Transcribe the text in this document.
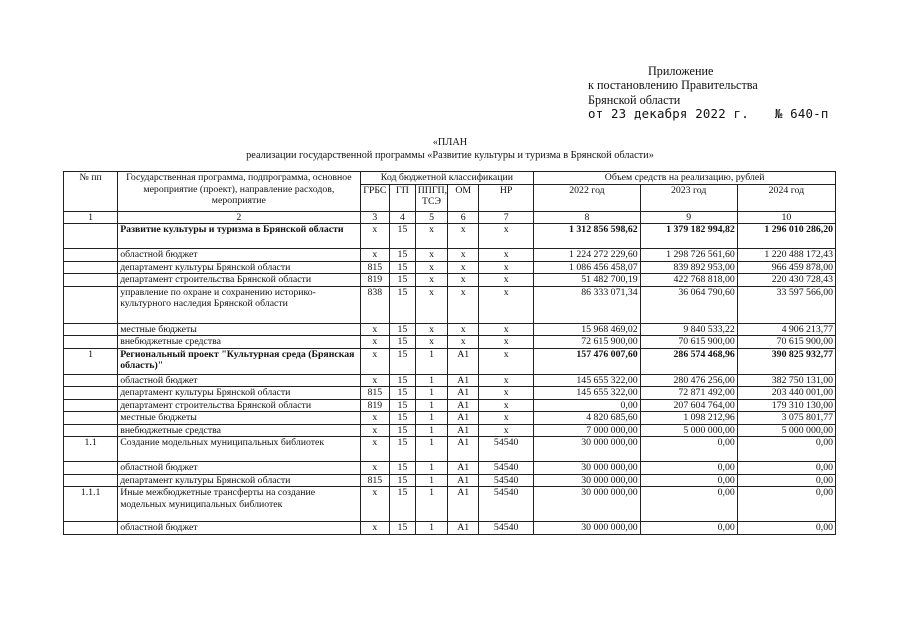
Приложение
к постановлению Правительства
Брянской области
от 23 декабря 2022 г. № 640-п
«ПЛАН
реализации государственной программы «Развитие культуры и туризма в Брянской области»
№ пп	Государственная программа, подпрограмма, основное мероприятие (проект), направление расходов, мероприятие	Код бюджетной классификации					Объем средств на реализацию, рублей		
		ГРБС	ГП	ППГП, ТСЭ	ОМ	НР	2022 год	2023 год	2024 год
1	2	3	4	5	6	7	8	9	10
	Развитие культуры и туризма в Брянской области	x	15	x	x	x	1 312 856 598,62	1 379 182 994,82	1 296 010 286,20
	областной бюджет	x	15	x	x	x	1 224 272 229,60	1 298 726 561,60	1 220 488 172,43
	департамент культуры Брянской области	815	15	x	x	x	1 086 456 458,07	839 892 953,00	966 459 878,00
	департамент строительства Брянской области	819	15	x	x	x	51 482 700,19	422 768 818,00	220 430 728,43
	управление по охране и сохранению историко-культурного наследия Брянской области	838	15	x	x	x	86 333 071,34	36 064 790,60	33 597 566,00
	местные бюджеты	x	15	x	x	x	15 968 469,02	9 840 533,22	4 906 213,77
	внебюджетные средства	x	15	x	x	x	72 615 900,00	70 615 900,00	70 615 900,00
1	Региональный проект "Культурная среда (Брянская область)"	x	15	1	A1	x	157 476 007,60	286 574 468,96	390 825 932,77
	областной бюджет	x	15	1	A1	x	145 655 322,00	280 476 256,00	382 750 131,00
	департамент культуры Брянской области	815	15	1	A1	x	145 655 322,00	72 871 492,00	203 440 001,00
	департамент строительства Брянской области	819	15	1	A1	x	0,00	207 604 764,00	179 310 130,00
	местные бюджеты	x	15	1	A1	x	4 820 685,60	1 098 212,96	3 075 801,77
	внебюджетные средства	x	15	1	A1	x	7 000 000,00	5 000 000,00	5 000 000,00
1.1	Создание модельных муниципальных библиотек	x	15	1	A1	54540	30 000 000,00	0,00	0,00
	областной бюджет	x	15	1	A1	54540	30 000 000,00	0,00	0,00
	департамент культуры Брянской области	815	15	1	A1	54540	30 000 000,00	0,00	0,00
1.1.1	Иные межбюджетные трансферты на создание модельных муниципальных библиотек	x	15	1	A1	54540	30 000 000,00	0,00	0,00
	областной бюджет	x	15	1	A1	54540	30 000 000,00	0,00	0,00
